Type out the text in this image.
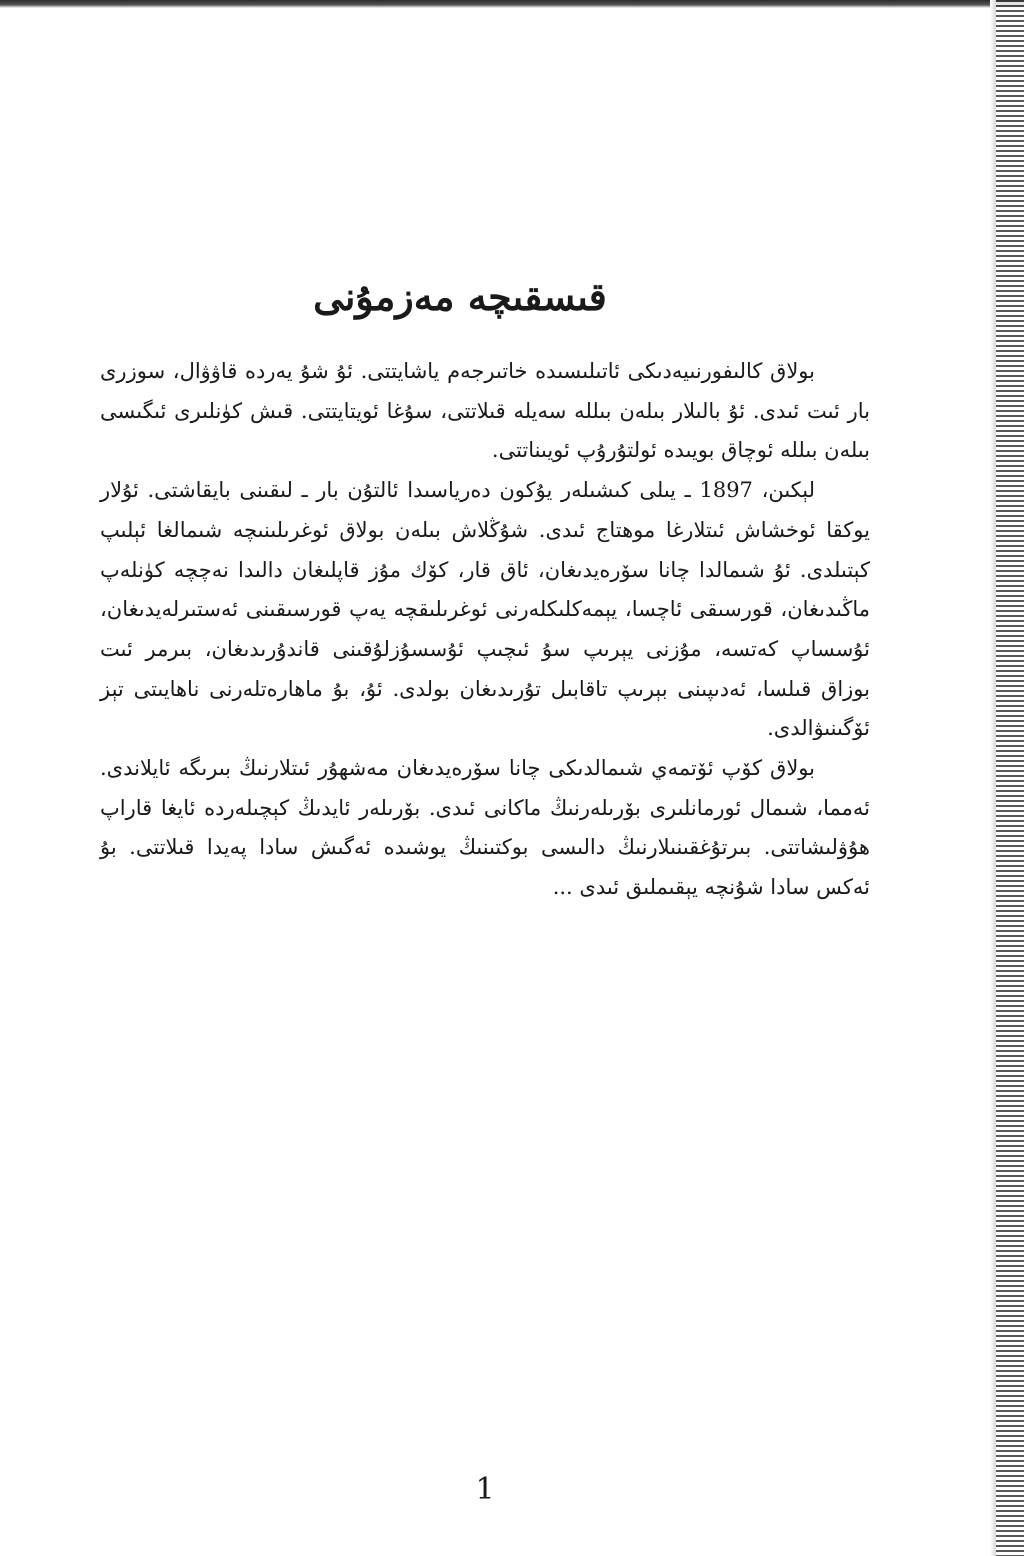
قىسقىچە مەزمۇنى

بولاق كالىفورنىيەدىكى ئاتىلىسىدە خاتىرجەم ياشايتتى. ئۇ شۇ يەردە قاۋۋال، سوزرى بار ئىت ئىدى. ئۇ بالىلار بىلەن بىللە سەيلە قىلاتتى، سۇغا ئويتايتتى. قىش كۈنلىرى ئىگىسى بىلەن بىللە ئوچاق بويىدە ئولتۇرۇپ ئويىناتتى.

لېكىن، 1897 ـ يىلى كىشىلەر يۇكون دەرياسىدا ئالتۇن بار ـ لىقىنى بايقاشتى. ئۇلار يوكقا ئوخشاش ئىتلارغا موھتاج ئىدى. شۇڭلاش بىلەن بولاق ئوغرىلىنىچە شىمالغا ئېلىپ كېتىلدى. ئۇ شىمالدا چانا سۆرەيدىغان، ئاق قار، كۆك مۇز قاپلىغان دالىدا نەچچە كۈنلەپ ماڭىدىغان، قورسىقى ئاچسا، يېمەكلىكلەرنى ئوغرىلىقچە يەپ قورسىقىنى ئەستىرلەيدىغان، ئۇسساپ كەتسە، مۇزنى يېرىپ سۇ ئىچىپ ئۇسسۇزلۇقىنى قاندۇرىدىغان، بىرمر ئىت بوزاق قىلسا، ئەدىپىنى بېرىپ تاقابىل تۇرىدىغان بولدى. ئۇ، بۇ ماھارەتلەرنى ناھايىتى تېز ئۆگىنىۋالدى.

بولاق كۆپ ئۆتمەي شىمالدىكى چانا سۆرەيدىغان مەشھۇر ئىتلارنىڭ بىرىگە ئايلاندى. ئەمما، شىمال ئورمانلىرى بۆرىلەرنىڭ ماكانى ئىدى. بۆرىلەر ئايدىڭ كېچىلەردە ئايغا قاراپ ھۇۋلىشاتتى. بىرتۇغقىنىلارنىڭ دالىسى بوكتىنىڭ يوشىدە ئەگىش سادا پەيدا قىلاتتى. بۇ ئەكس سادا شۇنچە يېقىملىق ئىدى ...

1
